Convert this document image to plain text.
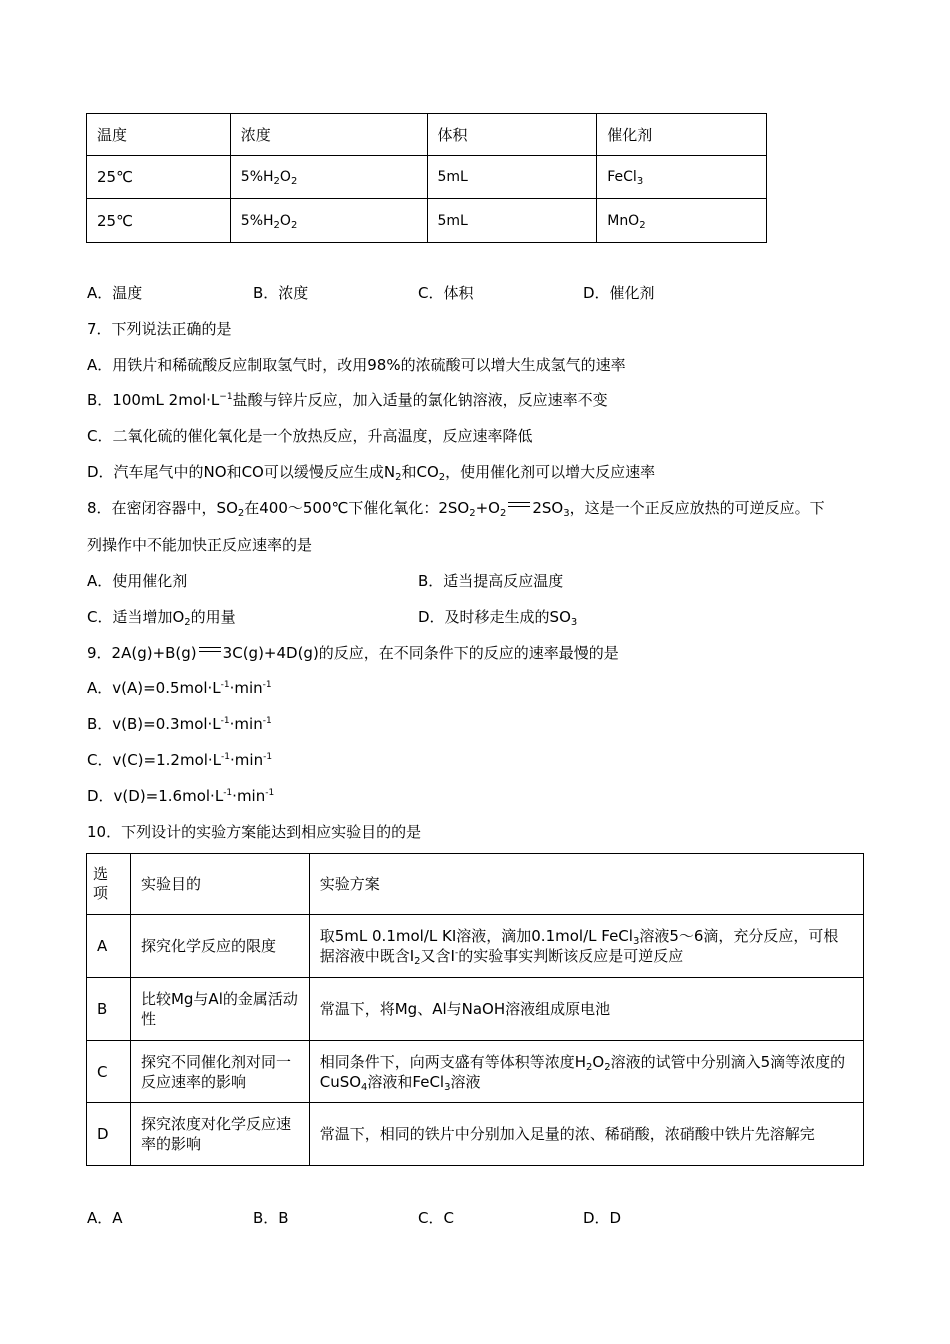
温度	浓度	体积	催化剂
25℃	$5\%H_2O_2$	5mL	FeCl$_3$
25℃	$5\%H_2O_2$	5mL	MnO$_2$
A．温度	B．浓度	C．体积	D．催化剂
7．下列说法正确的是
A．用铁片和稀硫酸反应制取氢气时，改用98%的浓硫酸可以增大生成氢气的速率
B．100mL $2mol\cdot L^{-1}$盐酸与锌片反应，加入适量的氯化钠溶液，反应速率不变
C．二氧化硫的催化氧化是一个放热反应，升高温度，反应速率降低
D．汽车尾气中的NO和CO可以缓慢反应生成$N_2$和$CO_2$，使用催化剂可以增大反应速率
8．在密闭容器中，$SO_2$在400～500℃下催化氧化：$2SO_2+O_2$ $2SO_3$，这是一个正反应放热的可逆反应。下
列操作中不能加快正反应速率的是
A．使用催化剂	B．适当提高反应温度
C．适当增加$O_2$的用量	D．及时移走生成的$SO_3$
9．2A(g)+B(g) 3C(g)+4D(g)的反应，在不同条件下的反应的速率最慢的是
A．$v(A)=0.5mol\cdot L^{-1}\cdot\min^{-1}$
B．$v(B)=0.3mol\cdot L^{-1}\cdot\min^{-1}$
C．$v(C)=1.2mol\cdot L^{-1}\cdot\min^{-1}$
D．$v(D)=1.6mol\cdot L^{-1}\cdot\min^{-1}$
10．下列设计的实验方案能达到相应实验目的的是
选项	实验目的	实验方案
A	探究化学反应的限度	取5mL 0.1mol/L KI溶液，滴加0.1mol/L FeCl$_3$溶液5～6滴，充分反应，可根据溶液中既含$I_2$又含I-的实验事实判断该反应是可逆反应
B	比较Mg与Al的金属活动性	常温下，将Mg、Al与NaOH溶液组成原电池
C	探究不同催化剂对同一反应速率的影响	相同条件下，向两支盛有等体积等浓度$H_2O_2$溶液的试管中分别滴入5滴等浓度的CuSO$_4$溶液和FeCl$_3$溶液
D	探究浓度对化学反应速率的影响	常温下，相同的铁片中分别加入足量的浓、稀硝酸，浓硝酸中铁片先溶解完
A．A	B．B	C．C	D．D
